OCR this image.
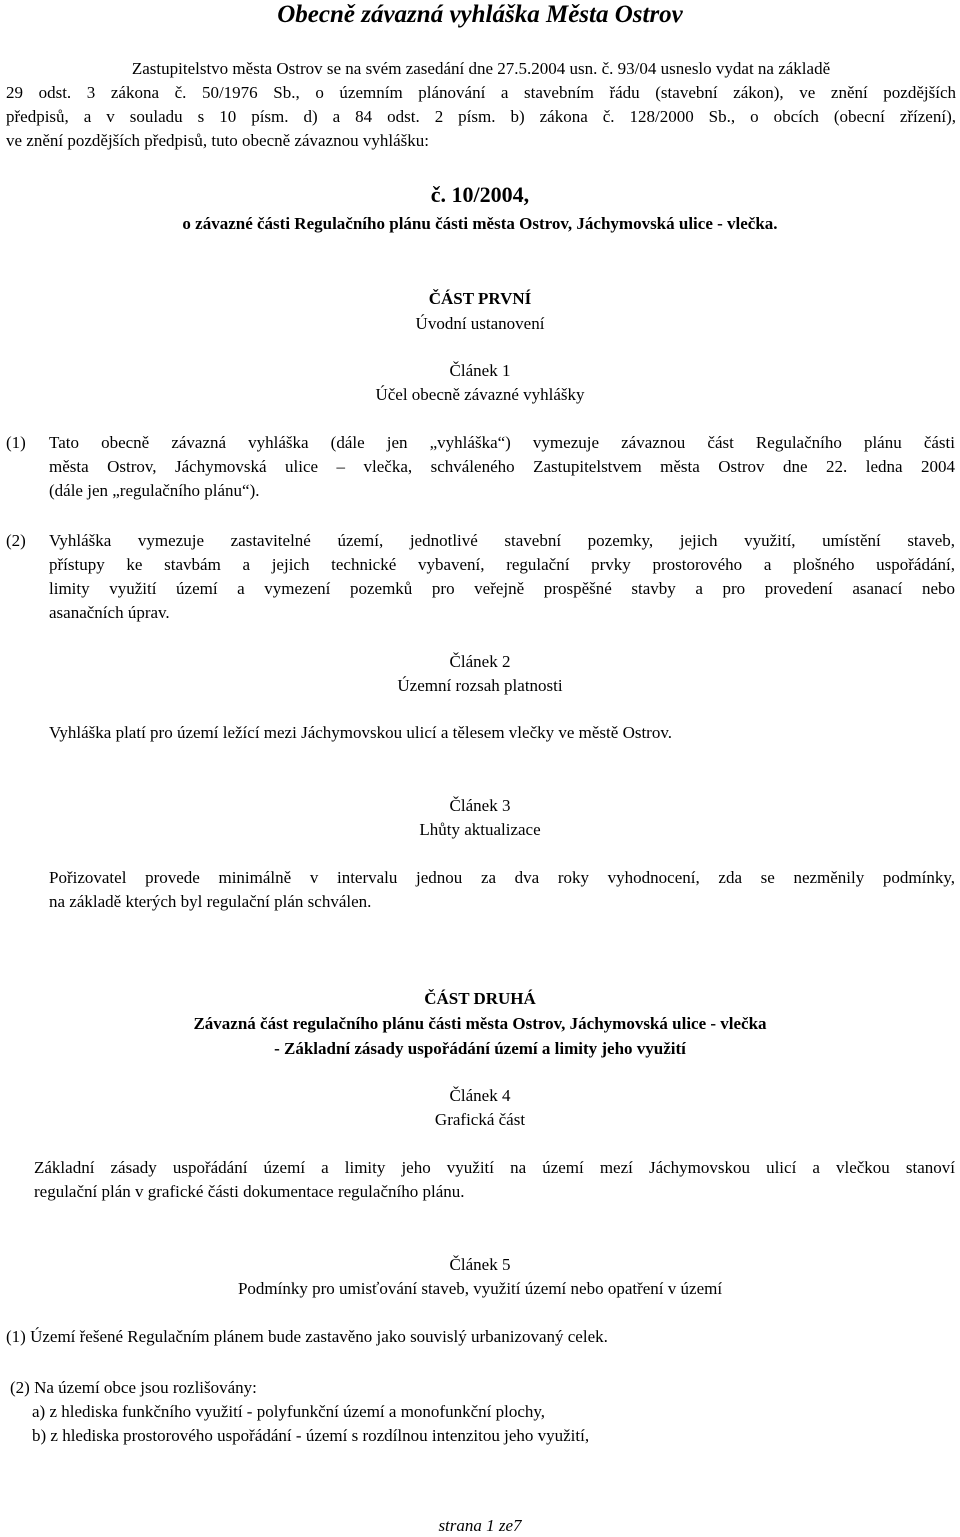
Obecně závazná vyhláška Města Ostrov
Zastupitelstvo města Ostrov se na svém zasedání dne 27.5.2004 usn. č. 93/04 usneslo vydat na základě
29 odst. 3 zákona č. 50/1976 Sb., o územním plánování a stavebním řádu (stavební zákon), ve znění pozdějších
předpisů, a v souladu s 10 písm. d) a 84 odst. 2 písm. b) zákona č. 128/2000 Sb., o obcích (obecní zřízení),
ve znění pozdějších předpisů, tuto obecně závaznou vyhlášku:
č. 10/2004,
o závazné části Regulačního plánu části města Ostrov, Jáchymovská ulice - vlečka.
ČÁST PRVNÍ
Úvodní ustanovení
Článek 1
Účel obecně závazné vyhlášky
(1) Tato obecně závazná vyhláška (dále jen „vyhláška“) vymezuje závaznou část Regulačního plánu části
města Ostrov, Jáchymovská ulice – vlečka, schváleného Zastupitelstvem města Ostrov dne 22. ledna 2004
(dále jen „regulačního plánu“).
(2) Vyhláška vymezuje zastavitelné území, jednotlivé stavební pozemky, jejich využití, umístění staveb,
přístupy ke stavbám a jejich technické vybavení, regulační prvky prostorového a plošného uspořádání,
limity využití území a vymezení pozemků pro veřejně prospěšné stavby a pro provedení asanací nebo
asanačních úprav.
Článek 2
Územní rozsah platnosti
Vyhláška platí pro území ležící mezi Jáchymovskou ulicí a tělesem vlečky ve městě Ostrov.
Článek 3
Lhůty aktualizace
Pořizovatel provede minimálně v intervalu jednou za dva roky vyhodnocení, zda se nezměnily podmínky,
na základě kterých byl regulační plán schválen.
ČÁST DRUHÁ
Závazná část regulačního plánu části města Ostrov, Jáchymovská ulice - vlečka
- Základní zásady uspořádání území a limity jeho využití
Článek 4
Grafická část
Základní zásady uspořádání území a limity jeho využití na území mezí Jáchymovskou ulicí a vlečkou stanoví
regulační plán v grafické části dokumentace regulačního plánu.
Článek 5
Podmínky pro umisťování staveb, využití území nebo opatření v území
(1) Území řešené Regulačním plánem bude zastavěno jako souvislý urbanizovaný celek.
(2) Na území obce jsou rozlišovány:
a) z hlediska funkčního využití - polyfunkční území a monofunkční plochy,
b) z hlediska prostorového uspořádání - území s rozdílnou intenzitou jeho využití,
strana 1 ze7
